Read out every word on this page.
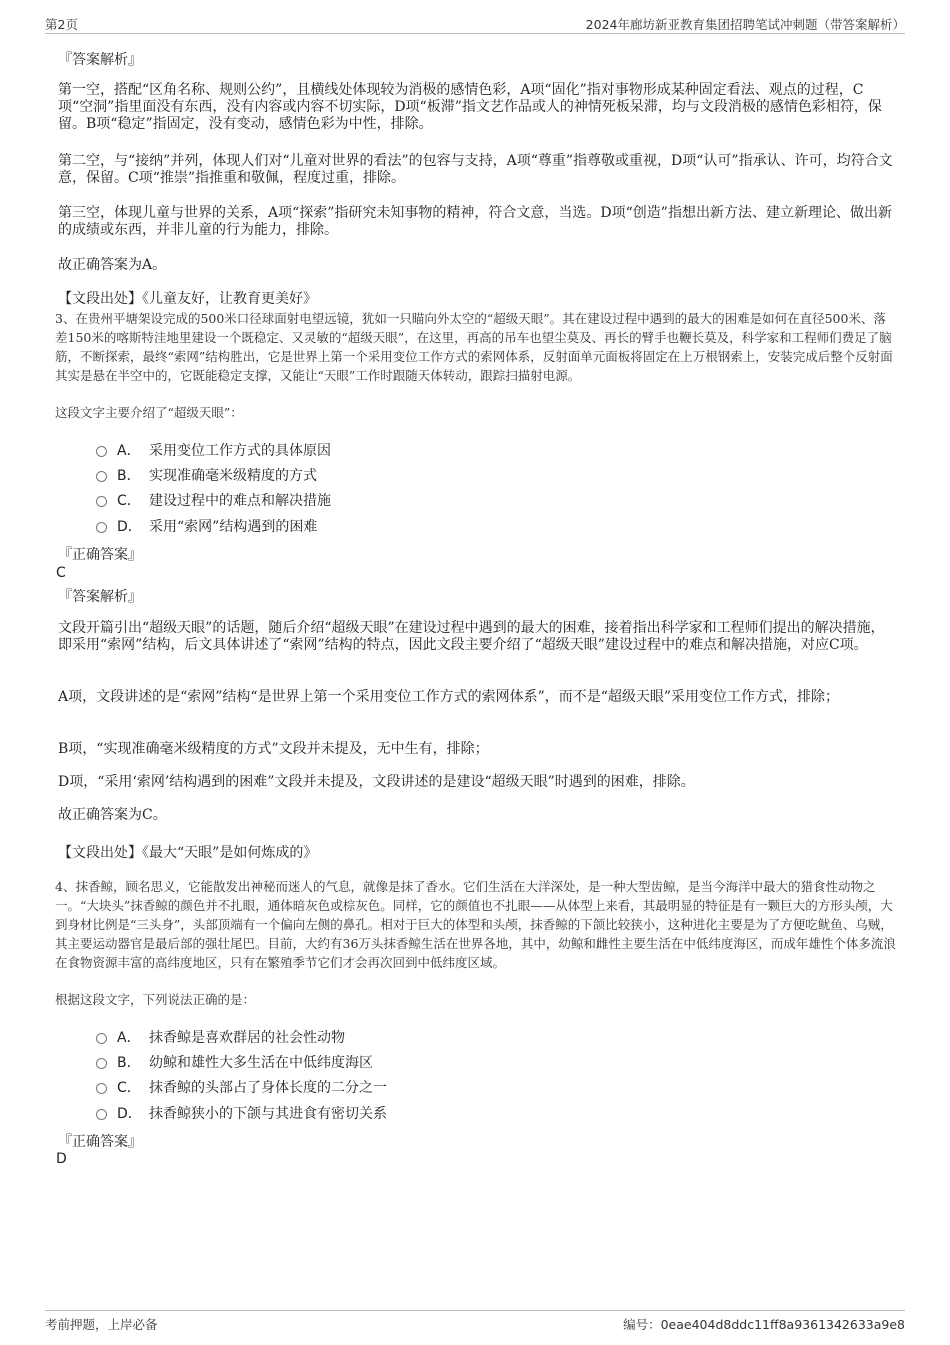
第2页	2024年廊坊新亚教育集团招聘笔试冲刺题（带答案解析）
『答案解析』

第一空，搭配“区角名称、规则公约”，且横线处体现较为消极的感情色彩，A项“固化”指对事物形成某种固定看法、观点的过程，C项“空洞”指里面没有东西，没有内容或内容不切实际，D项“板滞”指文艺作品或人的神情死板呆滞，均与文段消极的感情色彩相符，保留。B项“稳定”指固定，没有变动，感情色彩为中性，排除。

第二空，与“接纳”并列，体现人们对“儿童对世界的看法”的包容与支持，A项“尊重”指尊敬或重视，D项“认可”指承认、许可，均符合文意，保留。C项“推崇”指推重和敬佩，程度过重，排除。

第三空，体现儿童与世界的关系，A项“探索”指研究未知事物的精神，符合文意，当选。D项“创造”指想出新方法、建立新理论、做出新的成绩或东西，并非儿童的行为能力，排除。

故正确答案为A。
【文段出处】《儿童友好，让教育更美好》

3、在贵州平塘架设完成的500米口径球面射电望远镜，犹如一只瞄向外太空的“超级天眼”。其在建设过程中遇到的最大的困难是如何在直径500米、落差150米的喀斯特洼地里建设一个既稳定、又灵敏的“超级天眼”，在这里，再高的吊车也望尘莫及、再长的臂手也鞭长莫及，科学家和工程师们费足了脑筋，不断探索，最终“索网”结构胜出，它是世界上第一个采用变位工作方式的索网体系，反射面单元面板将固定在上万根钢索上，安装完成后整个反射面其实是悬在半空中的，它既能稳定支撑，又能让“天眼”工作时跟随天体转动，跟踪扫描射电源。

这段文字主要介绍了“超级天眼”：
A． 采用变位工作方式的具体原因
B． 实现准确毫米级精度的方式
C． 建设过程中的难点和解决措施
D． 采用“索网”结构遇到的困难
『正确答案』
C
『答案解析』

文段开篇引出“超级天眼”的话题，随后介绍“超级天眼”在建设过程中遇到的最大的困难，接着指出科学家和工程师们提出的解决措施，即采用“索网”结构，后文具体讲述了“索网”结构的特点，因此文段主要介绍了“超级天眼”建设过程中的难点和解决措施，对应C项。

A项，文段讲述的是“索网”结构“是世界上第一个采用变位工作方式的索网体系”，而不是“超级天眼”采用变位工作方式，排除；

B项，“实现准确毫米级精度的方式”文段并未提及，无中生有，排除；

D项，“采用‘索网’结构遇到的困难”文段并未提及，文段讲述的是建设“超级天眼”时遇到的困难，排除。

故正确答案为C。
【文段出处】《最大“天眼”是如何炼成的》

4、抹香鲸，顾名思义，它能散发出神秘而迷人的气息，就像是抹了香水。它们生活在大洋深处，是一种大型齿鲸，是当今海洋中最大的猎食性动物之一。“大块头”抹香鲸的颜色并不扎眼，通体暗灰色或棕灰色。同样，它的颜值也不扎眼——从体型上来看，其最明显的特征是有一颗巨大的方形头颅，大到身材比例是“三头身”，头部顶端有一个偏向左侧的鼻孔。相对于巨大的体型和头颅，抹香鲸的下颌比较狭小，这种进化主要是为了方便吃鱿鱼、乌贼，其主要运动器官是最后部的强壮尾巴。目前，大约有36万头抹香鲸生活在世界各地，其中，幼鲸和雌性主要生活在中低纬度海区，而成年雄性个体多流浪在食物资源丰富的高纬度地区，只有在繁殖季节它们才会再次回到中低纬度区域。

根据这段文字，下列说法正确的是：
A． 抹香鲸是喜欢群居的社会性动物
B． 幼鲸和雄性大多生活在中低纬度海区
C． 抹香鲸的头部占了身体长度的二分之一
D． 抹香鲸狭小的下颌与其进食有密切关系
『正确答案』
D
考前押题，上岸必备	编号：0eae404d8ddc11ff8a9361342633a9e8
